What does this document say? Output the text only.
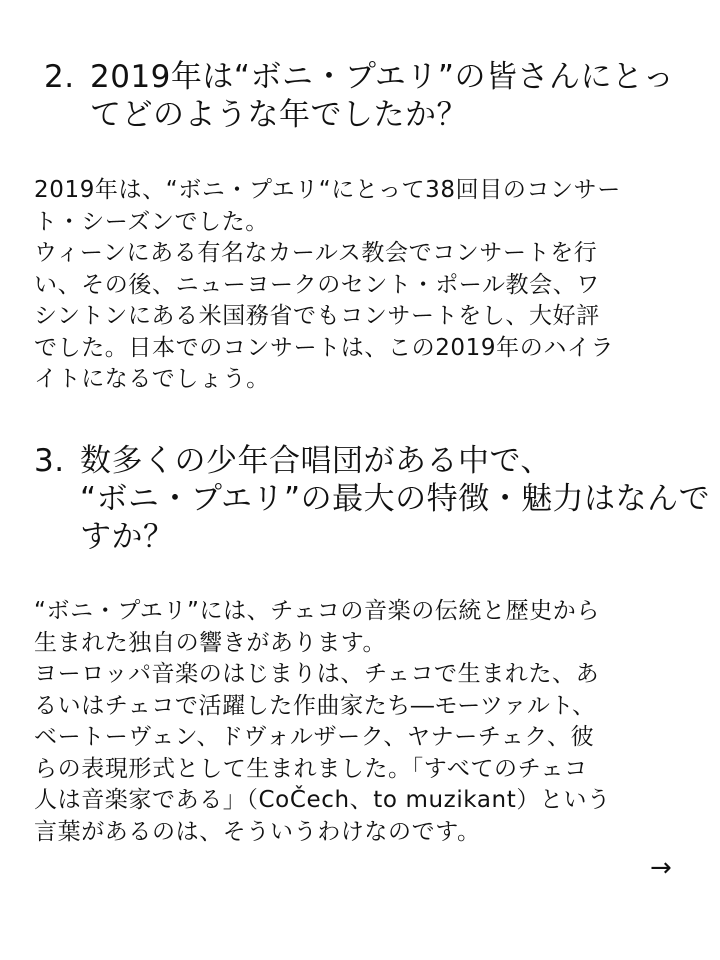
2. 2019年は“ボニ・プエリ”の皆さんにとっ
てどのような年でしたか？
2019年は、“ボニ・プエリ“にとって38回目のコンサー
ト・シーズンでした。
ウィーンにある有名なカールス教会でコンサートを行
い、その後、ニューヨークのセント・ポール教会、ワ
シントンにある米国務省でもコンサートをし、大好評
でした。日本でのコンサートは、この2019年のハイラ
イトになるでしょう。
3. 数多くの少年合唱団がある中で、
“ボニ・プエリ”の最大の特徴・魅力はなんで
すか？
“ボニ・プエリ”には、チェコの音楽の伝統と歴史から
生まれた独自の響きがあります。
ヨーロッパ音楽のはじまりは、チェコで生まれた、あ
るいはチェコで活躍した作曲家たち―モーツァルト、
ベートーヴェン、ドヴォルザーク、ヤナーチェク、彼
らの表現形式として生まれました。「すべてのチェコ
人は音楽家である」（CoČech、to muzikant）という
言葉があるのは、そういうわけなのです。
→
